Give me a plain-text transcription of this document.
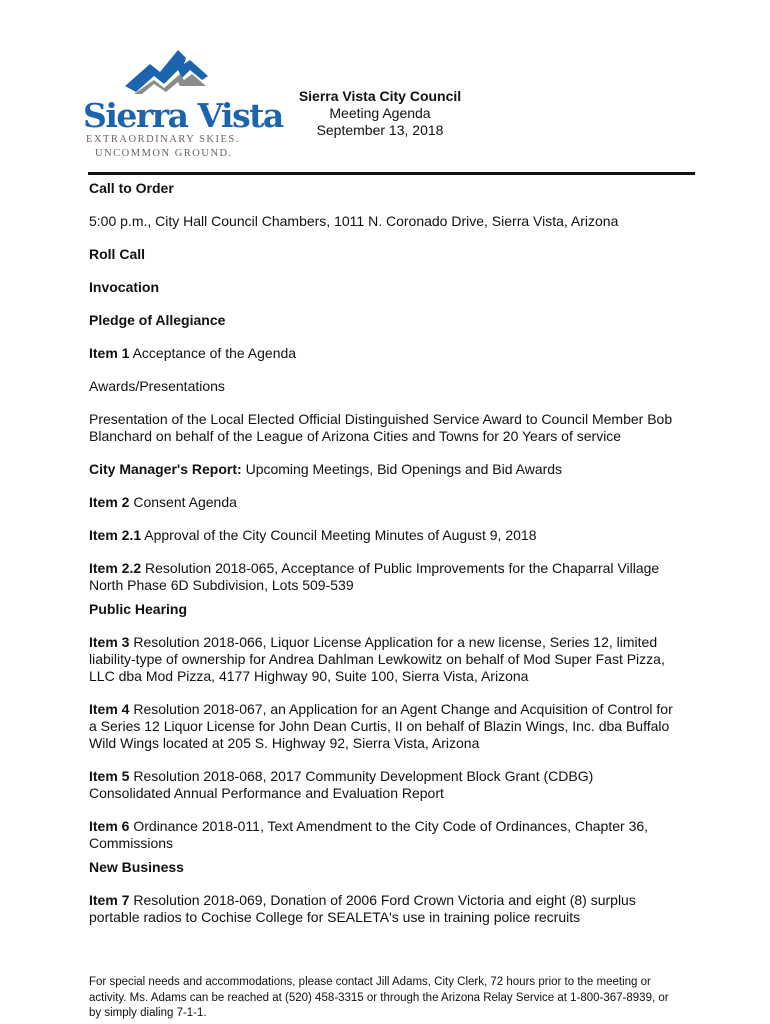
Sierra Vista
EXTRAORDINARY SKIES.
UNCOMMON GROUND.
Sierra Vista City Council
Meeting Agenda
September 13, 2018

Call to Order

5:00 p.m., City Hall Council Chambers, 1011 N. Coronado Drive, Sierra Vista, Arizona

Roll Call

Invocation

Pledge of Allegiance

Item 1 Acceptance of the Agenda

Awards/Presentations

Presentation of the Local Elected Official Distinguished Service Award to Council Member Bob Blanchard on behalf of the League of Arizona Cities and Towns for 20 Years of service

City Manager's Report: Upcoming Meetings, Bid Openings and Bid Awards

Item 2 Consent Agenda

Item 2.1 Approval of the City Council Meeting Minutes of August 9, 2018

Item 2.2 Resolution 2018-065, Acceptance of Public Improvements for the Chaparral Village North Phase 6D Subdivision, Lots 509-539

Public Hearing

Item 3 Resolution 2018-066, Liquor License Application for a new license, Series 12, limited liability-type of ownership for Andrea Dahlman Lewkowitz on behalf of Mod Super Fast Pizza, LLC dba Mod Pizza, 4177 Highway 90, Suite 100, Sierra Vista, Arizona

Item 4 Resolution 2018-067, an Application for an Agent Change and Acquisition of Control for a Series 12 Liquor License for John Dean Curtis, II on behalf of Blazin Wings, Inc. dba Buffalo Wild Wings located at 205 S. Highway 92, Sierra Vista, Arizona

Item 5 Resolution 2018-068, 2017 Community Development Block Grant (CDBG) Consolidated Annual Performance and Evaluation Report

Item 6 Ordinance 2018-011, Text Amendment to the City Code of Ordinances, Chapter 36, Commissions

New Business

Item 7 Resolution 2018-069, Donation of 2006 Ford Crown Victoria and eight (8) surplus portable radios to Cochise College for SEALETA's use in training police recruits

For special needs and accommodations, please contact Jill Adams, City Clerk, 72 hours prior to the meeting or activity. Ms. Adams can be reached at (520) 458-3315 or through the Arizona Relay Service at 1-800-367-8939, or by simply dialing 7-1-1.
